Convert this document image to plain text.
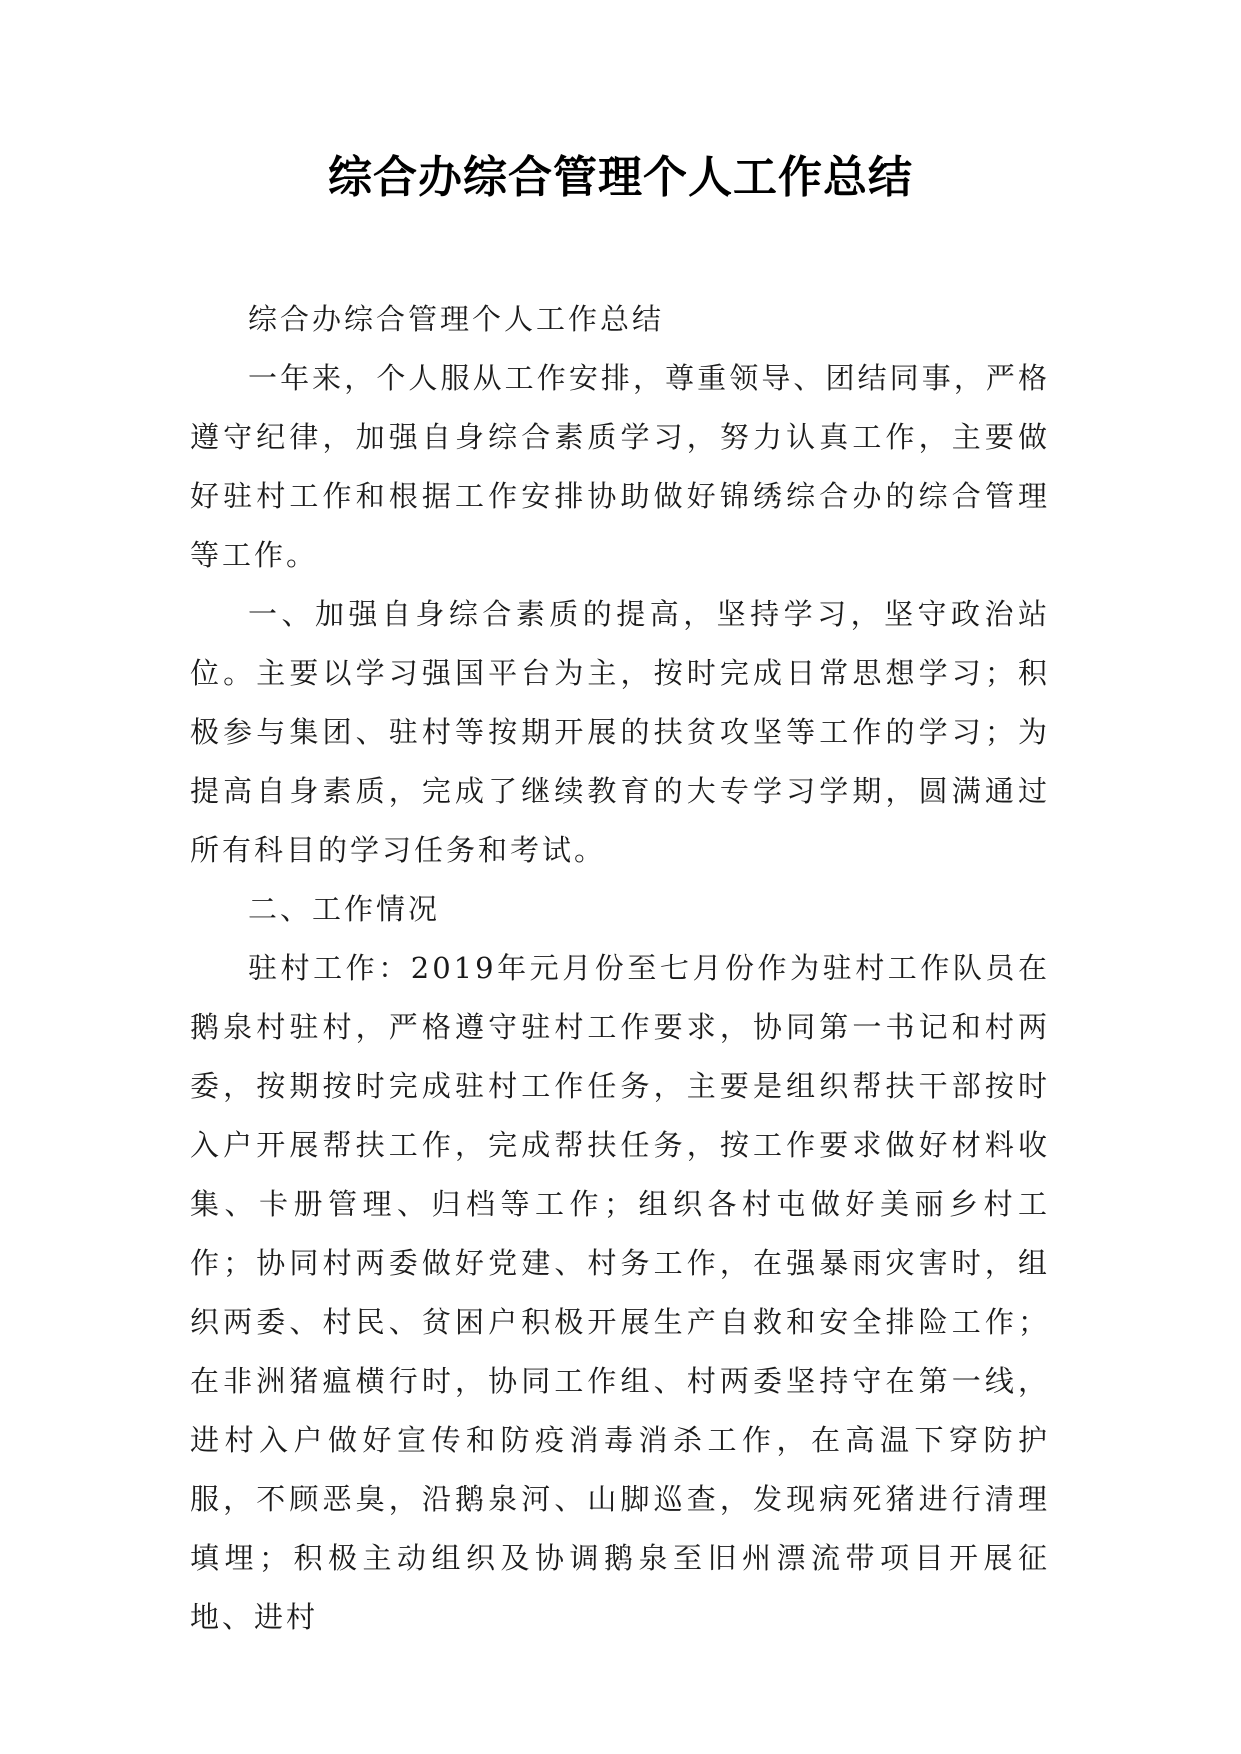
综合办综合管理个人工作总结

综合办综合管理个人工作总结

一年来，个人服从工作安排，尊重领导、团结同事，严格遵守纪律，加强自身综合素质学习，努力认真工作，主要做好驻村工作和根据工作安排协助做好锦绣综合办的综合管理等工作。

一、加强自身综合素质的提高，坚持学习，坚守政治站位。主要以学习强国平台为主，按时完成日常思想学习；积极参与集团、驻村等按期开展的扶贫攻坚等工作的学习；为提高自身素质，完成了继续教育的大专学习学期，圆满通过所有科目的学习任务和考试。

二、工作情况

驻村工作：2019年元月份至七月份作为驻村工作队员在鹅泉村驻村，严格遵守驻村工作要求，协同第一书记和村两委，按期按时完成驻村工作任务，主要是组织帮扶干部按时入户开展帮扶工作，完成帮扶任务，按工作要求做好材料收集、卡册管理、归档等工作；组织各村屯做好美丽乡村工作；协同村两委做好党建、村务工作，在强暴雨灾害时，组织两委、村民、贫困户积极开展生产自救和安全排险工作；在非洲猪瘟横行时，协同工作组、村两委坚持守在第一线，进村入户做好宣传和防疫消毒消杀工作，在高温下穿防护服，不顾恶臭，沿鹅泉河、山脚巡查，发现病死猪进行清理填埋；积极主动组织及协调鹅泉至旧州漂流带项目开展征地、进村
